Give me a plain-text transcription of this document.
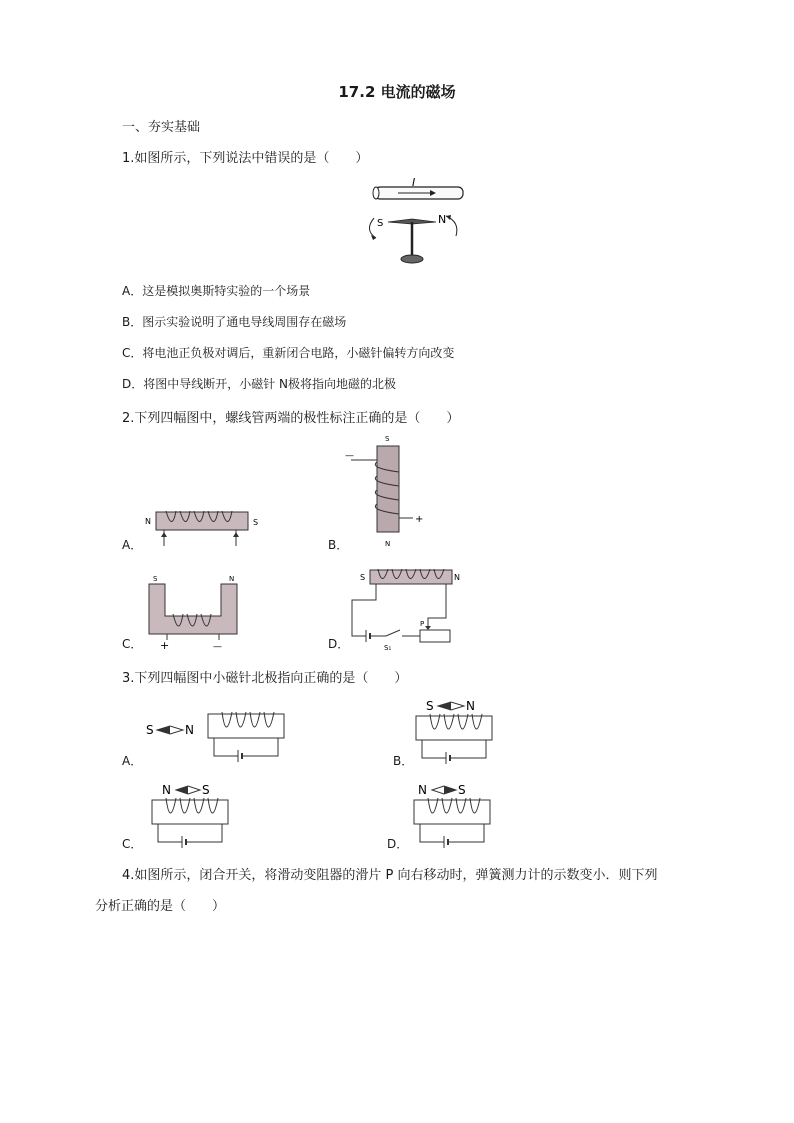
17.2 电流的磁场
一、夯实基础
1.如图所示，下列说法中错误的是（　　）
I
S	N
A．这是模拟奥斯特实验的一个场景
B．图示实验说明了通电导线周围存在磁场
C．将电池正负极对调后，重新闭合电路，小磁针偏转方向改变
D．将图中导线断开，小磁针 N极将指向地磁的北极
2.下列四幅图中，螺线管两端的极性标注正确的是（　　）
A．
N	S
B．
S
N
—
+
C．
S	N
+	—	D．
S	N
P
S₁
3.下列四幅图中小磁针北极指向正确的是（　　）
A．
S	N
B．
S	N
C．
N	S
D．
N	S
4.如图所示，闭合开关，将滑动变阻器的滑片 P 向右移动时，弹簧测力计的示数变小．则下列
分析正确的是（　　）
